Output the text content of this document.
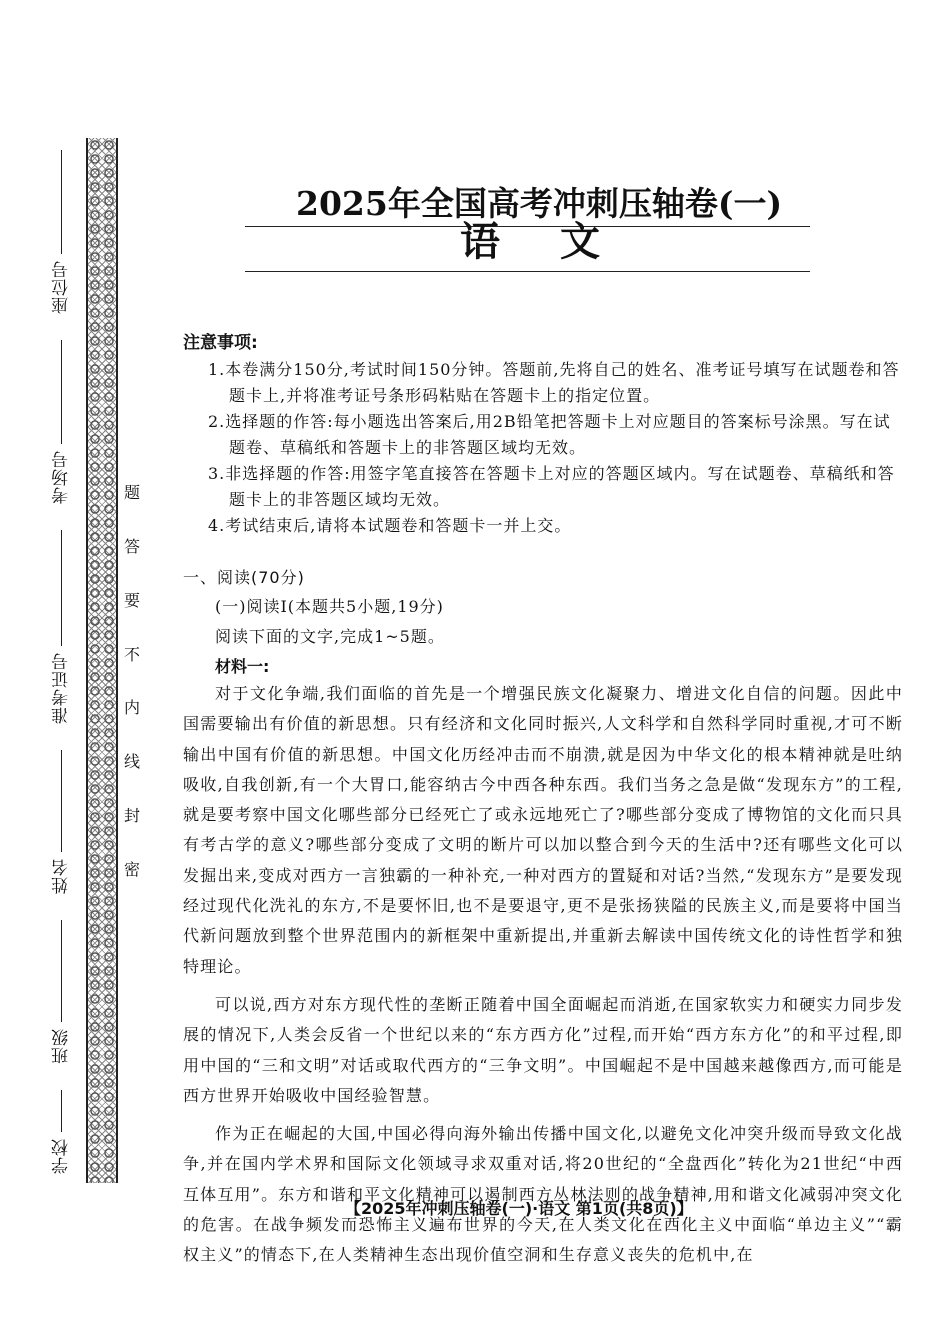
座位号
考场号
准考证号
姓名
班级
学校
题
答
要
不
内
线
封
密
2025年全国高考冲刺压轴卷(一)
语文
注意事项:

1.本卷满分150分,考试时间150分钟。答题前,先将自己的姓名、准考证号填写在试题卷和答题卡上,并将准考证号条形码粘贴在答题卡上的指定位置。

2.选择题的作答:每小题选出答案后,用2B铅笔把答题卡上对应题目的答案标号涂黑。写在试题卷、草稿纸和答题卡上的非答题区域均无效。

3.非选择题的作答:用签字笔直接答在答题卡上对应的答题区域内。写在试题卷、草稿纸和答题卡上的非答题区域均无效。

4.考试结束后,请将本试题卷和答题卡一并上交。

一、阅读(70分)
(一)阅读Ⅰ(本题共5小题,19分)
阅读下面的文字,完成1~5题。
材料一:

对于文化争端,我们面临的首先是一个增强民族文化凝聚力、增进文化自信的问题。因此中国需要输出有价值的新思想。只有经济和文化同时振兴,人文科学和自然科学同时重视,才可不断输出中国有价值的新思想。中国文化历经冲击而不崩溃,就是因为中华文化的根本精神就是吐纳吸收,自我创新,有一个大胃口,能容纳古今中西各种东西。我们当务之急是做“发现东方”的工程,就是要考察中国文化哪些部分已经死亡了或永远地死亡了?哪些部分变成了博物馆的文化而只具有考古学的意义?哪些部分变成了文明的断片可以加以整合到今天的生活中?还有哪些文化可以发掘出来,变成对西方一言独霸的一种补充,一种对西方的置疑和对话?当然,“发现东方”是要发现经过现代化洗礼的东方,不是要怀旧,也不是要退守,更不是张扬狭隘的民族主义,而是要将中国当代新问题放到整个世界范围内的新框架中重新提出,并重新去解读中国传统文化的诗性哲学和独特理论。

可以说,西方对东方现代性的垄断正随着中国全面崛起而消逝,在国家软实力和硬实力同步发展的情况下,人类会反省一个世纪以来的“东方西方化”过程,而开始“西方东方化”的和平过程,即用中国的“三和文明”对话或取代西方的“三争文明”。中国崛起不是中国越来越像西方,而可能是西方世界开始吸收中国经验智慧。

作为正在崛起的大国,中国必得向海外输出传播中国文化,以避免文化冲突升级而导致文化战争,并在国内学术界和国际文化领域寻求双重对话,将20世纪的“全盘西化”转化为21世纪“中西互体互用”。东方和谐和平文化精神可以遏制西方丛林法则的战争精神,用和谐文化减弱冲突文化的危害。在战争频发而恐怖主义遍布世界的今天,在人类文化在西化主义中面临“单边主义”“霸权主义”的情态下,在人类精神生态出现价值空洞和生存意义丧失的危机中,在

【2025年冲刺压轴卷(一)·语文 第1页(共8页)】
